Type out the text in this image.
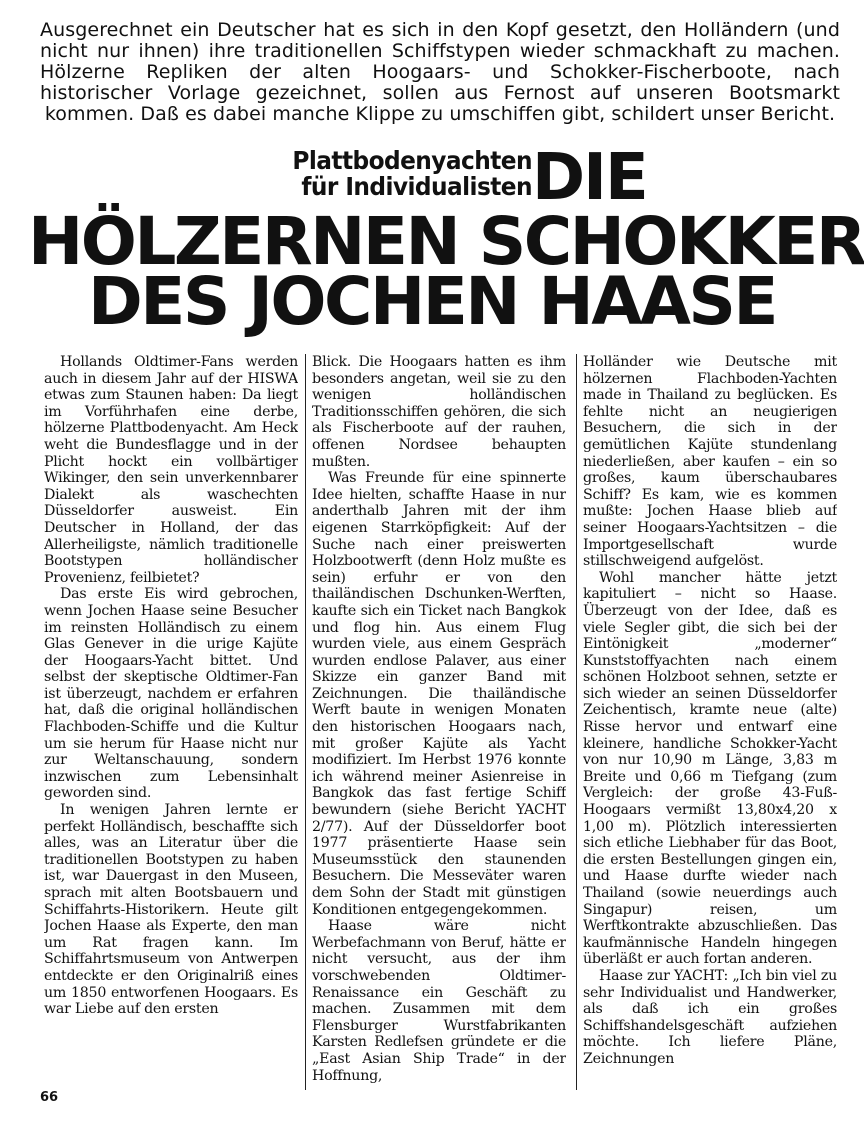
Ausgerechnet ein Deutscher hat es sich in den Kopf gesetzt, den Holländern (und nicht nur ihnen) ihre traditionellen Schiffstypen wieder schmackhaft zu machen. Hölzerne Repliken der alten Hoogaars- und Schokker-Fischerboote, nach historischer Vorlage gezeichnet, sollen aus Fernost auf unseren Bootsmarkt kommen. Daß es dabei manche Klippe zu umschiffen gibt, schildert unser Bericht.
Plattbodenyachten
für Individualisten DIE
HÖLZERNEN SCHOKKER
DES JOCHEN HAASE

Hollands Oldtimer-Fans werden auch in diesem Jahr auf der HISWA etwas zum Staunen haben: Da liegt im Vorführhafen eine derbe, hölzerne Plattbodenyacht. Am Heck weht die Bundesflagge und in der Plicht hockt ein vollbärtiger Wikinger, den sein unverkennbarer Dialekt als waschechten Düsseldorfer ausweist. Ein Deutscher in Holland, der das Allerheiligste, nämlich traditionelle Bootstypen holländischer Provenienz, feilbietet?

Das erste Eis wird gebrochen, wenn Jochen Haase seine Besucher im reinsten Holländisch zu einem Glas Genever in die urige Kajüte der Hoogaars-Yacht bittet. Und selbst der skeptische Oldtimer-Fan ist überzeugt, nachdem er erfahren hat, daß die original holländischen Flachboden-Schiffe und die Kultur um sie herum für Haase nicht nur zur Weltanschauung, sondern inzwischen zum Lebensinhalt geworden sind.

In wenigen Jahren lernte er perfekt Holländisch, beschaffte sich alles, was an Literatur über die traditionellen Bootstypen zu haben ist, war Dauergast in den Museen, sprach mit alten Bootsbauern und Schiffahrts-Historikern. Heute gilt Jochen Haase als Experte, den man um Rat fragen kann. Im Schiffahrtsmuseum von Antwerpen entdeckte er den Originalriß eines um 1850 entworfenen Hoogaars. Es war Liebe auf den ersten

Blick. Die Hoogaars hatten es ihm besonders angetan, weil sie zu den wenigen holländischen Traditionsschiffen gehören, die sich als Fischerboote auf der rauhen, offenen Nordsee behaupten mußten.

Was Freunde für eine spinnerte Idee hielten, schaffte Haase in nur anderthalb Jahren mit der ihm eigenen Starrköpfigkeit: Auf der Suche nach einer preiswerten Holzbootwerft (denn Holz mußte es sein) erfuhr er von den thailändischen Dschunken-Werften, kaufte sich ein Ticket nach Bangkok und flog hin. Aus einem Flug wurden viele, aus einem Gespräch wurden endlose Palaver, aus einer Skizze ein ganzer Band mit Zeichnungen. Die thailändische Werft baute in wenigen Monaten den historischen Hoogaars nach, mit großer Kajüte als Yacht modifiziert. Im Herbst 1976 konnte ich während meiner Asienreise in Bangkok das fast fertige Schiff bewundern (siehe Bericht YACHT 2/77). Auf der Düsseldorfer boot 1977 präsentierte Haase sein Museumsstück den staunenden Besuchern. Die Messeväter waren dem Sohn der Stadt mit günstigen Konditionen entgegengekommen.

Haase wäre nicht Werbefachmann von Beruf, hätte er nicht versucht, aus der ihm vorschwebenden Oldtimer-Renaissance ein Geschäft zu machen. Zusammen mit dem Flensburger Wurstfabrikanten Karsten Redlefsen gründete er die „East Asian Ship Trade“ in der Hoffnung,

Holländer wie Deutsche mit hölzernen Flachboden-Yachten made in Thailand zu beglücken. Es fehlte nicht an neugierigen Besuchern, die sich in der gemütlichen Kajüte stundenlang niederließen, aber kaufen – ein so großes, kaum überschaubares Schiff? Es kam, wie es kommen mußte: Jochen Haase blieb auf seiner Hoogaars-Yachtsitzen – die Importgesellschaft wurde stillschweigend aufgelöst.

Wohl mancher hätte jetzt kapituliert – nicht so Haase. Überzeugt von der Idee, daß es viele Segler gibt, die sich bei der Eintönigkeit „moderner“ Kunststoffyachten nach einem schönen Holzboot sehnen, setzte er sich wieder an seinen Düsseldorfer Zeichentisch, kramte neue (alte) Risse hervor und entwarf eine kleinere, handliche Schokker-Yacht von nur 10,90 m Länge, 3,83 m Breite und 0,66 m Tiefgang (zum Vergleich: der große 43-Fuß-Hoogaars vermißt 13,80x4,20 x 1,00 m). Plötzlich interessierten sich etliche Liebhaber für das Boot, die ersten Bestellungen gingen ein, und Haase durfte wieder nach Thailand (sowie neuerdings auch Singapur) reisen, um Werftkontrakte abzuschließen. Das kaufmännische Handeln hingegen überläßt er auch fortan anderen.

Haase zur YACHT: „Ich bin viel zu sehr Individualist und Handwerker, als daß ich ein großes Schiffshandelsgeschäft aufziehen möchte. Ich liefere Pläne, Zeichnungen

66
